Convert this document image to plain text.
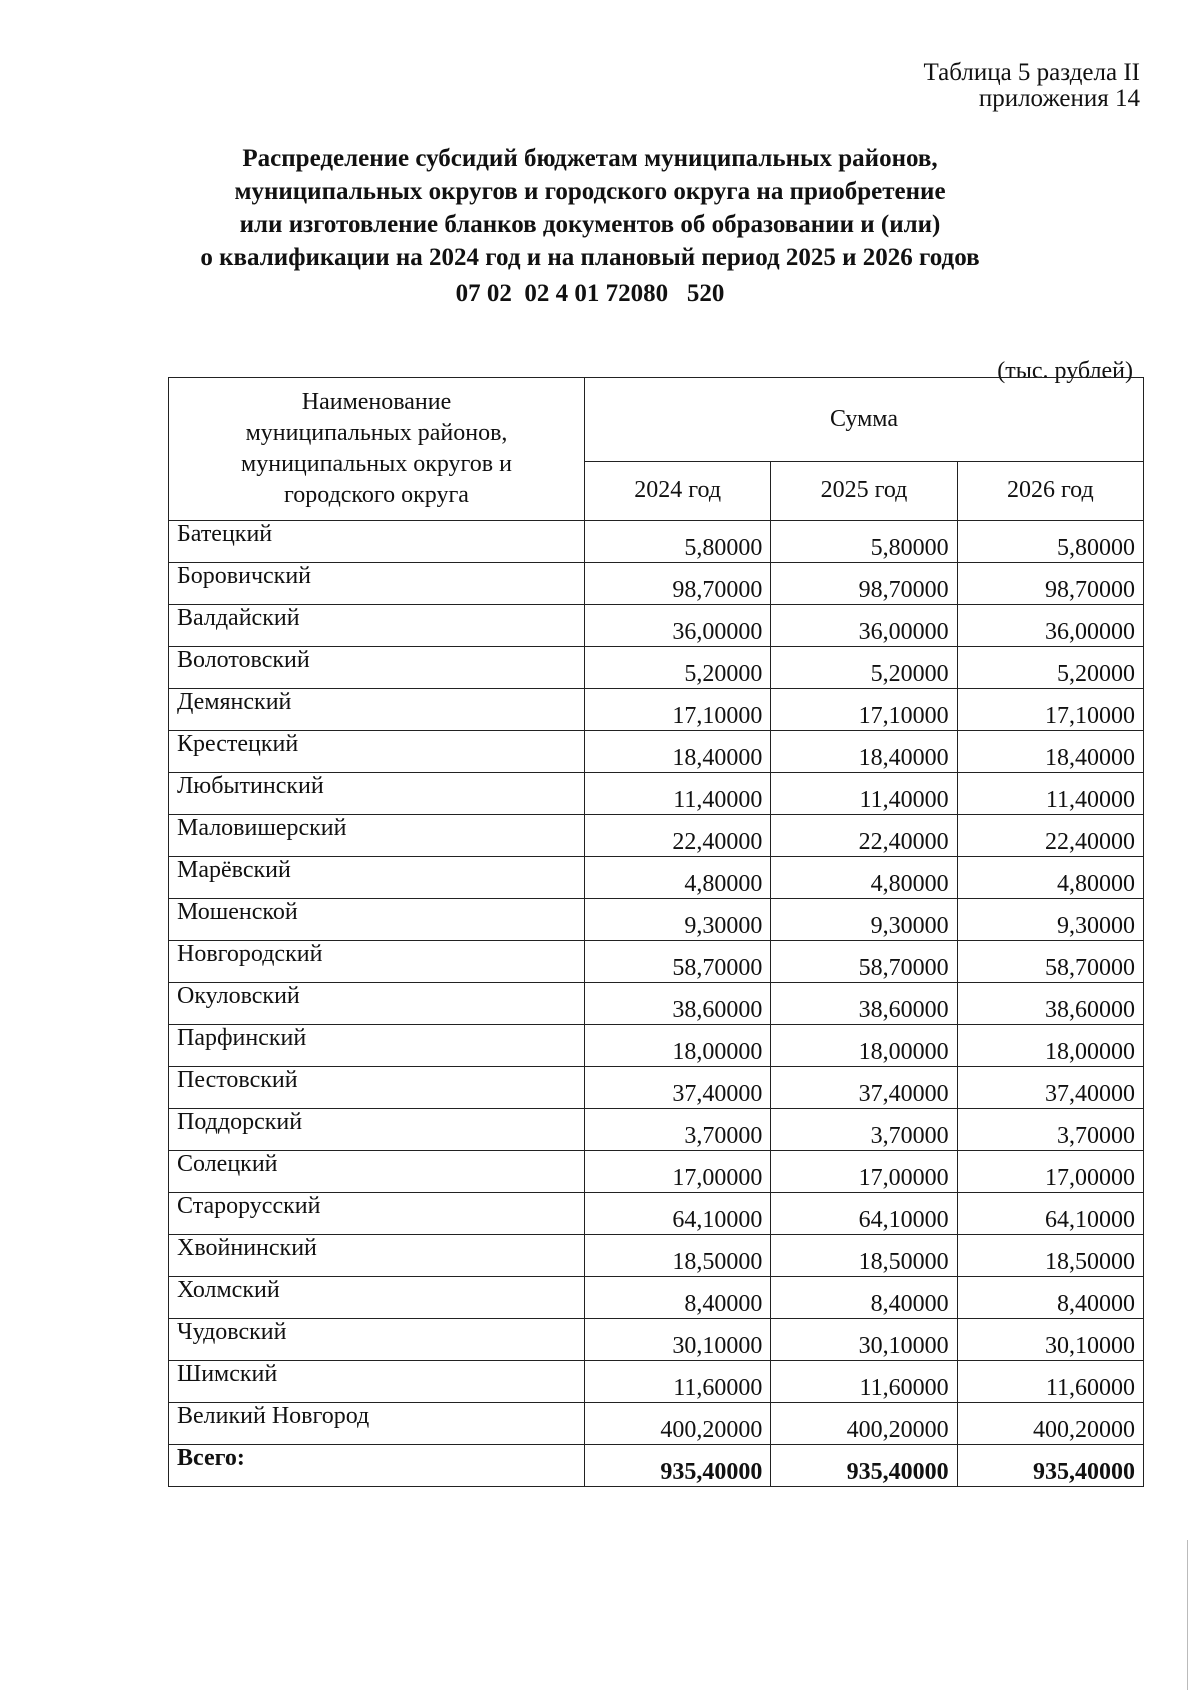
Таблица 5 раздела II
приложения 14
Распределение субсидий бюджетам муниципальных районов,
муниципальных округов и городского округа на приобретение
или изготовление бланков документов об образовании и (или)
о квалификации на 2024 год и на плановый период 2025 и 2026 годов
07 02  02 4 01 72080   520
(тыс. рублей)
Наименование
муниципальных районов,
муниципальных округов и
городского округа	Сумма		
	2024 год	2025 год	2026 год
Батецкий	5,80000	5,80000	5,80000
Боровичский	98,70000	98,70000	98,70000
Валдайский	36,00000	36,00000	36,00000
Волотовский	5,20000	5,20000	5,20000
Демянский	17,10000	17,10000	17,10000
Крестецкий	18,40000	18,40000	18,40000
Любытинский	11,40000	11,40000	11,40000
Маловишерский	22,40000	22,40000	22,40000
Марёвский	4,80000	4,80000	4,80000
Мошенской	9,30000	9,30000	9,30000
Новгородский	58,70000	58,70000	58,70000
Окуловский	38,60000	38,60000	38,60000
Парфинский	18,00000	18,00000	18,00000
Пестовский	37,40000	37,40000	37,40000
Поддорский	3,70000	3,70000	3,70000
Солецкий	17,00000	17,00000	17,00000
Старорусский	64,10000	64,10000	64,10000
Хвойнинский	18,50000	18,50000	18,50000
Холмский	8,40000	8,40000	8,40000
Чудовский	30,10000	30,10000	30,10000
Шимский	11,60000	11,60000	11,60000
Великий Новгород	400,20000	400,20000	400,20000
Всего:	935,40000	935,40000	935,40000
